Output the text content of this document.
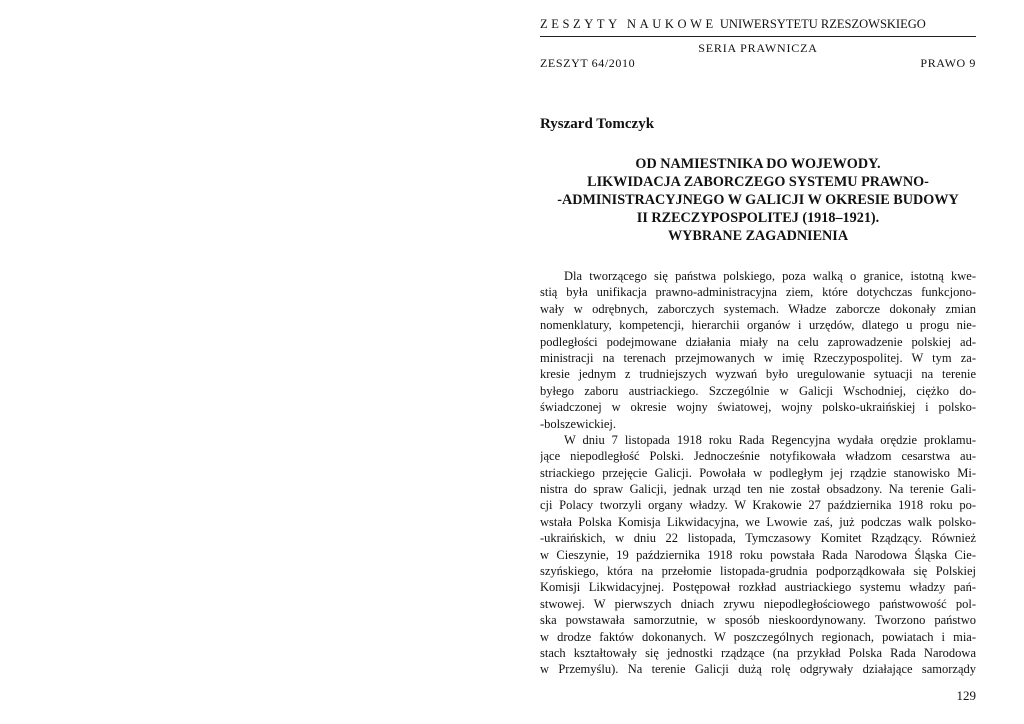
ZESZYTY NAUKOWE UNIWERSYTETU RZESZOWSKIEGO
SERIA PRAWNICZA
ZESZYT 64/2010	PRAWO 9
Ryszard Tomczyk
OD NAMIESTNIKA DO WOJEWODY.
LIKWIDACJA ZABORCZEGO SYSTEMU PRAWNO-
-ADMINISTRACYJNEGO W GALICJI W OKRESIE BUDOWY
II RZECZYPOSPOLITEJ (1918–1921).
WYBRANE ZAGADNIENIA
Dla tworzącego się państwa polskiego, poza walką o granice, istotną kwe-
stią była unifikacja prawno-administracyjna ziem, które dotychczas funkcjono-
wały w odrębnych, zaborczych systemach. Władze zaborcze dokonały zmian
nomenklatury, kompetencji, hierarchii organów i urzędów, dlatego u progu nie-
podległości podejmowane działania miały na celu zaprowadzenie polskiej ad-
ministracji na terenach przejmowanych w imię Rzeczypospolitej. W tym za-
kresie jednym z trudniejszych wyzwań było uregulowanie sytuacji na terenie
byłego zaboru austriackiego. Szczególnie w Galicji Wschodniej, ciężko do-
świadczonej w okresie wojny światowej, wojny polsko-ukraińskiej i polsko-
-bolszewickiej.
W dniu 7 listopada 1918 roku Rada Regencyjna wydała orędzie proklamu-
jące niepodległość Polski. Jednocześnie notyfikowała władzom cesarstwa au-
striackiego przejęcie Galicji. Powołała w podległym jej rządzie stanowisko Mi-
nistra do spraw Galicji, jednak urząd ten nie został obsadzony. Na terenie Gali-
cji Polacy tworzyli organy władzy. W Krakowie 27 października 1918 roku po-
wstała Polska Komisja Likwidacyjna, we Lwowie zaś, już podczas walk polsko-
-ukraińskich, w dniu 22 listopada, Tymczasowy Komitet Rządzący. Również
w Cieszynie, 19 października 1918 roku powstała Rada Narodowa Śląska Cie-
szyńskiego, która na przełomie listopada-grudnia podporządkowała się Polskiej
Komisji Likwidacyjnej. Postępował rozkład austriackiego systemu władzy pań-
stwowej. W pierwszych dniach zrywu niepodległościowego państwowość pol-
ska powstawała samorzutnie, w sposób nieskoordynowany. Tworzono państwo
w drodze faktów dokonanych. W poszczególnych regionach, powiatach i mia-
stach kształtowały się jednostki rządzące (na przykład Polska Rada Narodowa
w Przemyślu). Na terenie Galicji dużą rolę odgrywały działające samorządy
129
